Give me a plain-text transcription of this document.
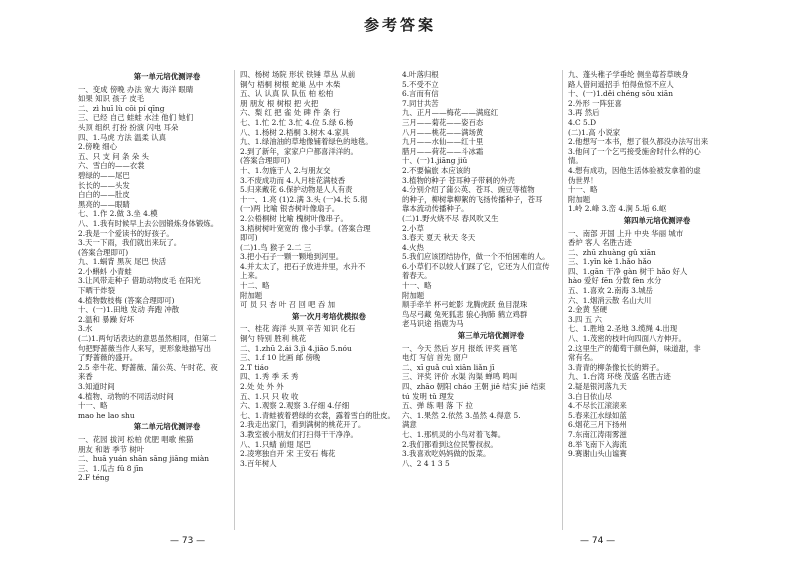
参考答案
第一单元培优测评卷
一、变成 傍晚 办法 宽大 海洋 眼睛
如果 知识 孩子 皮毛
二、zì huī lù cōi pí qīng
三、已经 自己 蛙蛙 水洼 他们 她们
头顶 组织 打扮 扮演 闪电 耳朵
四、1.马虎 方法 温柔 认真
2.傍晚 细心
五、只 支 问 条 朵 头
六、雪白的——衣裳
碧绿的——尾巴
长长的——头发
白白的——肚皮
黑亮的——眼睛
七、1.作 2.做 3.坐 4.模
八、1.我有时候早上去公园锻炼身体锻炼。
2.我是一个爱读书的好孩子。
3.天一下雨，我们就出来玩了。
(答案合理即可)
九、1.蜗背 黑灰 尾巴 快活
2.小蝌蚪 小青蛙
3.让风带走种子 借助动物皮毛 在阳光
下晒干炸裂
4.植物数枝梅 (答案合理即可)
十、(一)1.田地 发动 奔跑 冲散
2.温和 暴躁 好坏
3.水
(二)1.两句话表达的意思虽然相同，但第二
句把野蔷薇当作人来写，更形象地描写出
了野蔷薇的盛开。
2.5 牵牛花、野蔷薇、蒲公英、午时花、夜
来香
3.知道时间
4.植物、动物的不同活动时间
十一、略
mao he lao shu
第二单元培优测评卷
一、花园 拔河 松柏 优肥 唱歌 熊猫
朋友 和谐 季节 树叶
二、huā yuán shān sāng jiāng miàn
三、1.瓜古 fǔ 8 jīn
2.F téng
四、杨树 场院 形状 铁锤 草丛 从前
铜勺 梧桐 树根 蛇巢 丛中 木柴
五、认 认真 队 队伍 柏 松柏
朋 朋友 根 树根 把 火把
六、梨 红 把 雀 处 碑 件 条 行
七、1.忙 2.忙 3.忙 4.位 5.绿 6.杨
八、1.杨树 2.梧桐 3.树木 4.家具
九、1.绿油油的草地像铺着绿色的地毯。
2.到了新年，家家户户都喜洋洋的。
(答案合理即可)
十、1.勿施于人 2.与朋友交
3.不废成功而 4.人月桂花满枝香
5.归来戴花 6.保护动物是人人有责
十一、1.亮 (1)2.满 3.头 (一)4.长 5.彻
(一)两 比喻 银杏树叶像扇子。
2.公梧桐树 比喻 槐树叶像串子。
3.梧树树叶宽宽的 像小手掌。(答案合理
即可)
(二)1.鸟 猴子 2.二 三
3.把小石子一颗一颗地到河里。
4.并太太了，把石子放进井里，水升不
上来。
十二、略
附加题
可 员 只 杏 叶 召 回 吧 吞 加
第一次月考培优模拟卷
一、桂花 海洋 头顶 辛苦 知识 化石
铜勺 特别 胜利 桃花
二、1.zhū 2.ái 3.jì 4.jiāo 5.nóu
三、1.f 10 比画 邮 傍晚
2.T tiáo
四、1.秀 季 禾 秀
2.处 处 外 外
五、1.只 只 收 收
六、1.观察 2.观察 3.仔细 4.仔细
七、1.青蛙被着碧绿的衣裳，露着雪白的肚皮。
2.我走出家门，看到满树的桃花开了。
3.教室被小朋友们打扫得干干净净。
八、1.只蜻 前翅 尾巴
2.凌寒独自开 宋 王安石 梅花
3.百年树人
4.叶落归根
5.不受不立
6.言而有信
7.同甘共苦
九、正月——梅花——满庭红
三月——菊花——姿百态
八月——桃花——满场黄
九月——水仙——红十里
腊月——荷花——斗冰霜
十、(一)1.jiāng jiǔ
2.不要偏旅 本应该的
3.植物的种子 苍耳种子带刺的外壳
4.分别介绍了蒲公英、苍耳、豌豆等植物
的种子，柳树靠柳絮的飞扬传播种子，苍耳
靠本流动传播种子。
(二)1.野火烧不尽 春风吹又生
2.小草
3.春天 夏天 秋天 冬天
4.火热
5.我们应该团结协作，做一个不怕困难的人。
6.小草们不以较人们踩了它，它还为人们宣传
着春天。
十一、略
附加题
顺手牵羊 杯弓蛇影 龙腾虎跃 鱼目混珠
鸟尽弓藏 兔死狐悲 狼心狗肺 鹤立鸡群
老马识途 指鹿为马
第三单元培优测评卷
一、今天 然后 岁月 报纸 评奖 画笔
电灯 写信 首先 窗户
二、xī guǎ cuì xiān liǎn jī
三、评奖 评价 水渠 沟渠 蝉鸣 鸣叫
四、zhāo 朝阳 cháo 王朝 jiě 结实 jiē 结束
tú 发明 tǔ 理发
五、弹 练 唱 落 下 拉
六、1.果然 2.依然 3.虽然 4.得意 5.
满意
七、1.那机灵的小鸟对着飞舞。
2.我们都看到这位民警叔叔。
3.我喜欢吃妈妈做的饭菜。
八、2 4 1 3 5
九、蓬头稚子学垂纶 侧坐莓苔草映身
路人借问遥招手 怕得鱼惊不应人
十、(一)1.děi chéng sōu xiān
2.外形 一阵狂喜
3.再 然后
4.C 5.D
(二)1.高 小说家
2.他想写一本书，想了很久都没办法写出来
3.他问了一个乞丐接受施舍时什么样的心
情。
4.想有成功，因他生活体验被发拿着的虚
伪世界！
十一、略
附加题
1.岭 2.峰 3.峦 4.涧 5.垢 6.岖
第四单元培优测评卷
一、南部 开国 上升 中央 华丽 城市
香炉 客人 名胜古迹
二、zhū zhuàng gǔ xiān
三、1.yǐn kè 1.hǎo hǎo
四、1.gān 干净 gàn 树干 hǎo 好人
hào 爱好 fēn 分数 fèn 水分
五、1.喜欢 2.南海 3.城岳
六、1.烟消云散 名山大川
2.金黄 坚硬
3.四 五 六
七、1.胜地 2.圣地 3.缆绳 4.出现
八、1.茂密的枝叶向四面八方伸开。
2.这里生产的葡萄干颜色鲜，味道甜，非
常有名。
3.青青的柳条像长长的辫子。
九、1.台湾 环绕 茂盛 名胜古迹
2.疑是银河落九天
3.白日依山尽
4.不尽长江滚滚来
5.春来江水绿如蓝
6.烟花三月下扬州
7.东南江涛雨雾滋
8.举飞南下入海流
9.赛谢山头山谧赛
— 73 —	— 74 —
